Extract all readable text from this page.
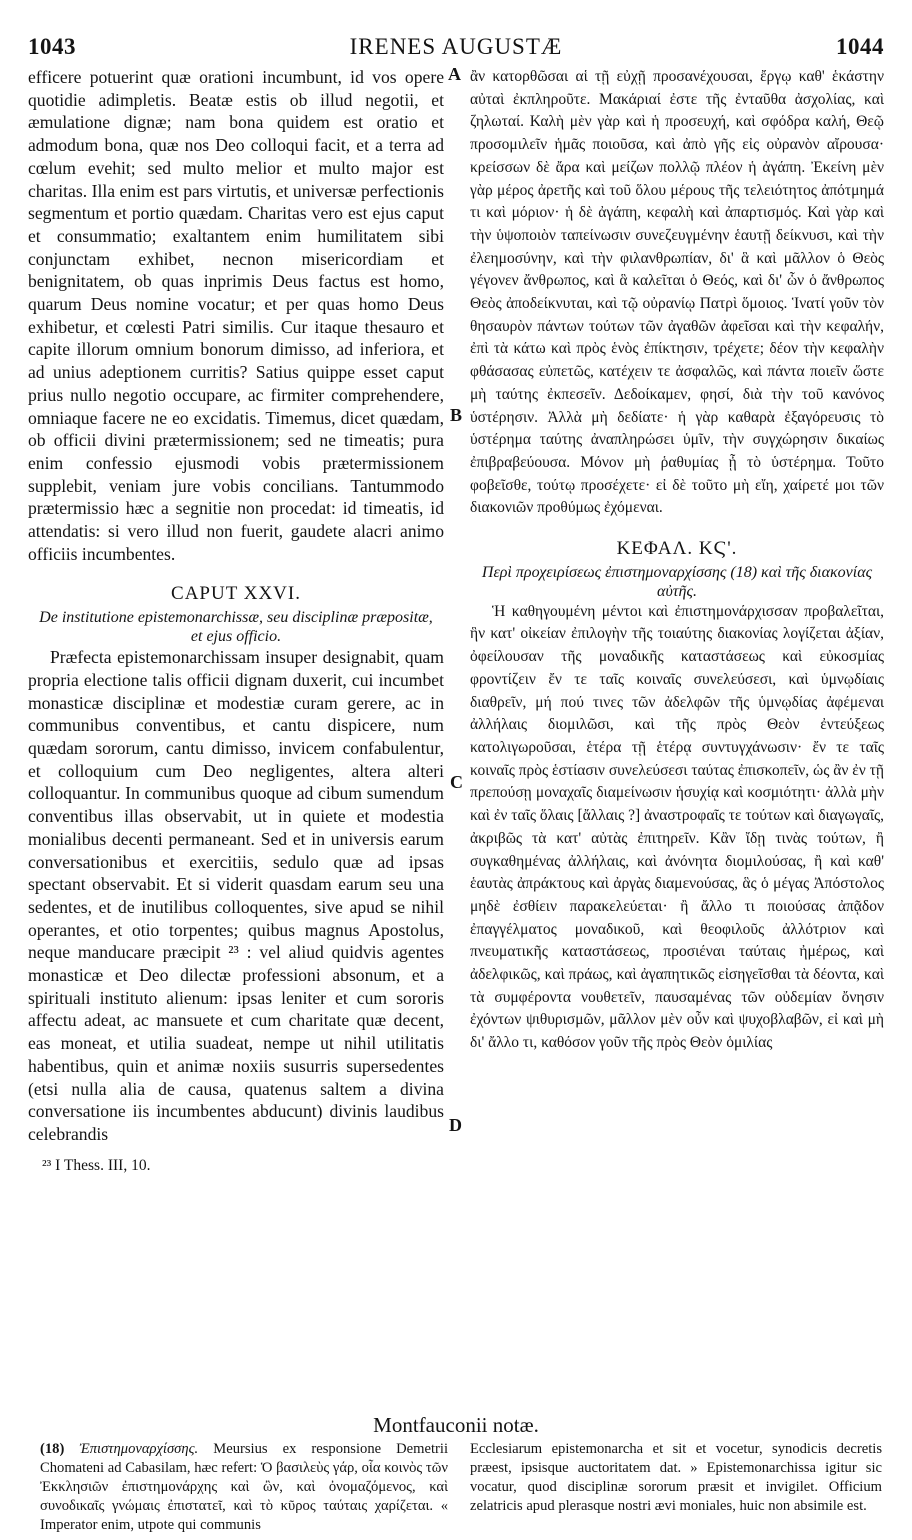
1043	IRENES AUGUSTÆ	1044
A
B
C
D

efficere potuerint quæ orationi incumbunt, id vos opere quotidie adimpletis. Beatæ estis ob illud negotii, et æmulatione dignæ; nam bona quidem est oratio et admodum bona, quæ nos Deo colloqui facit, et a terra ad cœlum evehit; sed multo melior et multo major est charitas. Illa enim est pars virtutis, et universæ perfectionis segmentum et portio quædam. Charitas vero est ejus caput et consummatio; exaltantem enim humilitatem sibi conjunctam exhibet, necnon misericordiam et benignitatem, ob quas inprimis Deus factus est homo, quarum Deus nomine vocatur; et per quas homo Deus exhibetur, et cœlesti Patri similis. Cur itaque thesauro et capite illorum omnium bonorum dimisso, ad inferiora, et ad unius adeptionem curritis? Satius quippe esset caput prius nullo negotio occupare, ac firmiter comprehendere, omniaque facere ne eo excidatis. Timemus, dicet quædam, ob officii divini prætermissionem; sed ne timeatis; pura enim confessio ejusmodi vobis prætermissionem supplebit, veniam jure vobis concilians. Tantummodo prætermissio hæc a segnitie non procedat: id timeatis, id attendatis: si vero illud non fuerit, gaudete alacri animo officiis incumbentes.

CAPUT XXVI.
De institutione epistemonarchissæ, seu disciplinæ præpositæ, et ejus officio.

Præfecta epistemonarchissam insuper designabit, quam propria electione talis officii dignam duxerit, cui incumbet monasticæ disciplinæ et modestiæ curam gerere, ac in communibus conventibus, et cantu dispicere, num quædam sororum, cantu dimisso, invicem confabulentur, et colloquium cum Deo negligentes, altera alteri colloquantur. In communibus quoque ad cibum sumendum conventibus illas observabit, ut in quiete et modestia monialibus decenti permaneant. Sed et in universis earum conversationibus et exercitiis, sedulo quæ ad ipsas spectant observabit. Et si viderit quasdam earum seu una sedentes, et de inutilibus colloquentes, sive apud se nihil operantes, et otio torpentes; quibus magnus Apostolus, neque manducare præcipit ²³ : vel aliud quidvis agentes monasticæ et Deo dilectæ professioni absonum, et a spirituali instituto alienum: ipsas leniter et cum sororis affectu adeat, ac mansuete et cum charitate quæ decent, eas moneat, et utilia suadeat, nempe ut nihil utilitatis habentibus, quin et animæ noxiis susurris supersedentes (etsi nulla alia de causa, quatenus saltem a divina conversatione iis incumbentes abducunt) divinis laudibus celebrandis

²³ I Thess. III, 10.

ἂν κατορθῶσαι αἱ τῇ εὐχῇ προσανέχουσαι, ἔργῳ καθ' ἑκάστην αὐταὶ ἐκπληροῦτε. Μακάριαί ἐστε τῆς ἐνταῦθα ἀσχολίας, καὶ ζηλωταί. Καλὴ μὲν γὰρ καὶ ἡ προσευχή, καὶ σφόδρα καλή, Θεῷ προσομιλεῖν ἡμᾶς ποιοῦσα, καὶ ἀπὸ γῆς εἰς οὐρανὸν αἴρουσα· κρείσσων δὲ ἄρα καὶ μείζων πολλῷ πλέον ἡ ἀγάπη. Ἐκείνη μὲν γὰρ μέρος ἀρετῆς καὶ τοῦ ὅλου μέρους τῆς τελειότητος ἀπότμημά τι καὶ μόριον· ἡ δὲ ἀγάπη, κεφαλὴ καὶ ἀπαρτισμός. Καὶ γὰρ καὶ τὴν ὑψοποιὸν ταπείνωσιν συνεζευγμένην ἑαυτῇ δείκνυσι, καὶ τὴν ἐλεημοσύνην, καὶ τὴν φιλανθρωπίαν, δι' ἃ καὶ μᾶλλον ὁ Θεὸς γέγονεν ἄνθρωπος, καὶ ἃ καλεῖται ὁ Θεός, καὶ δι' ὧν ὁ ἄνθρωπος Θεὸς ἀποδείκνυται, καὶ τῷ οὐρανίῳ Πατρὶ ὅμοιος. Ἱνατί γοῦν τὸν θησαυρὸν πάντων τούτων τῶν ἀγαθῶν ἀφεῖσαι καὶ τὴν κεφαλήν, ἐπὶ τὰ κάτω καὶ πρὸς ἑνὸς ἐπίκτησιν, τρέχετε; δέον τὴν κεφαλὴν φθάσασας εὐπετῶς, κατέχειν τε ἀσφαλῶς, καὶ πάντα ποιεῖν ὥστε μὴ ταύτης ἐκπεσεῖν. Δεδοίκαμεν, φησί, διὰ τὴν τοῦ κανόνος ὑστέρησιν. Ἀλλὰ μὴ δεδίατε· ἡ γὰρ καθαρὰ ἐξαγόρευσις τὸ ὑστέρημα ταύτης ἀναπληρώσει ὑμῖν, τὴν συγχώρησιν δικαίως ἐπιβραβεύουσα. Μόνον μὴ ῥαθυμίας ᾖ τὸ ὑστέρημα. Τοῦτο φοβεῖσθε, τούτῳ προσέχετε· εἰ δὲ τοῦτο μὴ εἴη, χαίρετέ μοι τῶν διακονιῶν προθύμως ἐχόμεναι.

ΚΕΦΑΛ. ΚϚ'.
Περὶ προχειρίσεως ἐπιστημοναρχίσσης (18) καὶ τῆς διακονίας αὐτῆς.

Ἡ καθηγουμένη μέντοι καὶ ἐπιστημονάρχισσαν προβαλεῖται, ἣν κατ' οἰκείαν ἐπιλογὴν τῆς τοιαύτης διακονίας λογίζεται ἀξίαν, ὀφείλουσαν τῆς μοναδικῆς καταστάσεως καὶ εὐκοσμίας φροντίζειν ἔν τε ταῖς κοιναῖς συνελεύσεσι, καὶ ὑμνῳδίαις διαθρεῖν, μή πού τινες τῶν ἀδελφῶν τῆς ὑμνῳδίας ἀφέμεναι ἀλλήλαις διομιλῶσι, καὶ τῆς πρὸς Θεὸν ἐντεύξεως κατολιγωροῦσαι, ἑτέρα τῇ ἑτέρᾳ συντυγχάνωσιν· ἔν τε ταῖς κοιναῖς πρὸς ἑστίασιν συνελεύσεσι ταύτας ἐπισκοπεῖν, ὡς ἂν ἐν τῇ πρεπούσῃ μοναχαῖς διαμείνωσιν ἡσυχίᾳ καὶ κοσμιότητι· ἀλλὰ μὴν καὶ ἐν ταῖς ὅλαις [ἄλλαις ?] ἀναστροφαῖς τε τούτων καὶ διαγωγαῖς, ἀκριβῶς τὰ κατ' αὐτὰς ἐπιτηρεῖν. Κἂν ἴδῃ τινὰς τούτων, ἢ συγκαθημένας ἀλλήλαις, καὶ ἀνόνητα διομιλούσας, ἢ καὶ καθ' ἑαυτὰς ἀπράκτους καὶ ἀργὰς διαμενούσας, ἃς ὁ μέγας Ἀπόστολος μηδὲ ἐσθίειν παρακελεύεται· ἢ ἄλλο τι ποιούσας ἀπᾷδον ἐπαγγέλματος μοναδικοῦ, καὶ θεοφιλοῦς ἀλλότριον καὶ πνευματικῆς καταστάσεως, προσιέναι ταύταις ἠμέρως, καὶ ἀδελφικῶς, καὶ πράως, καὶ ἀγαπητικῶς εἰσηγεῖσθαι τὰ δέοντα, καὶ τὰ συμφέροντα νουθετεῖν, παυσαμένας τῶν οὐδεμίαν ὄνησιν ἐχόντων ψιθυρισμῶν, μᾶλλον μὲν οὖν καὶ ψυχοβλαβῶν, εἰ καὶ μὴ δι' ἄλλο τι, καθόσον γοῦν τῆς πρὸς Θεὸν ὁμιλίας

Montfauconii notæ.
(18) Ἐπιστημοναρχίσσης. Meursius ex responsione Demetrii Chomateni ad Cabasilam, hæc refert: Ὁ βασιλεὺς γάρ, οἷα κοινὸς τῶν Ἐκκλησιῶν ἐπιστημονάρχης καὶ ὢν, καὶ ὀνομαζόμενος, καὶ συνοδικαῖς γνώμαις ἐπιστατεῖ, καὶ τὸ κῦρος ταύταις χαρίζεται. « Imperator enim, utpote qui communis
Ecclesiarum epistemonarcha et sit et vocetur, synodicis decretis præest, ipsisque auctoritatem dat. » Epistemonarchissa igitur sic vocatur, quod disciplinæ sororum præsit et invigilet. Officium zelatricis apud plerasque nostri ævi moniales, huic non absimile est.
